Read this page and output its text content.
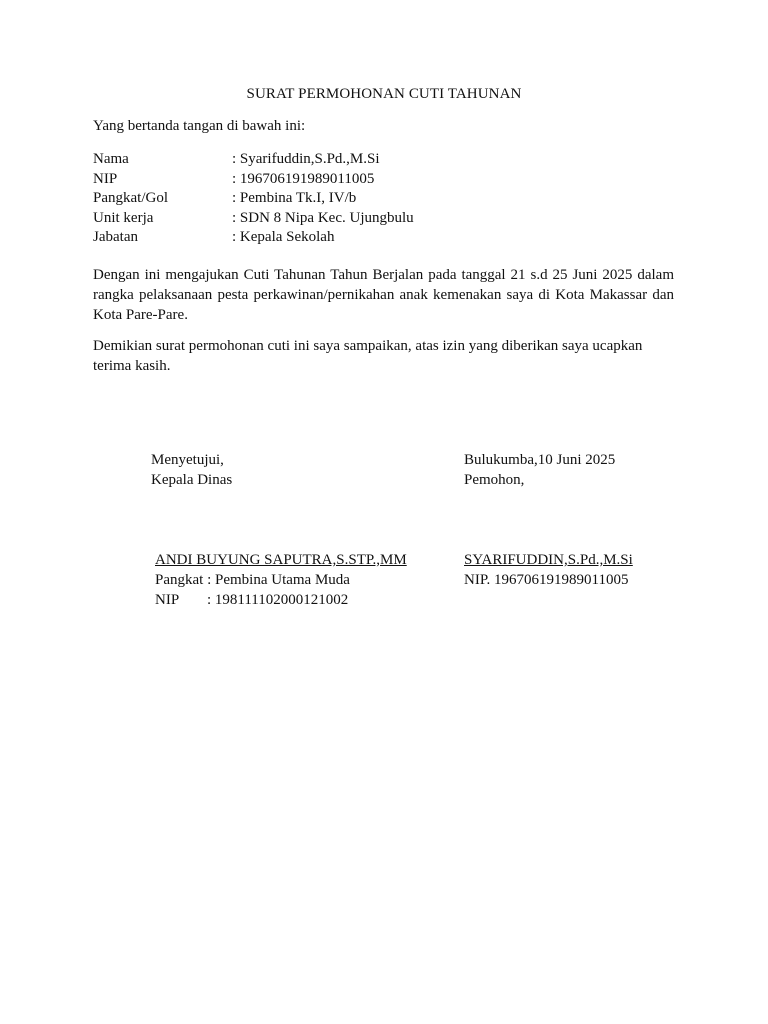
SURAT PERMOHONAN CUTI TAHUNAN
Yang bertanda tangan di bawah ini:
Nama	: Syarifuddin,S.Pd.,M.Si
NIP	: 196706191989011005
Pangkat/Gol	: Pembina Tk.I, IV/b
Unit kerja	: SDN 8 Nipa Kec. Ujungbulu
Jabatan	: Kepala Sekolah
Dengan ini mengajukan Cuti Tahunan Tahun Berjalan pada tanggal 21 s.d 25 Juni 2025 dalam rangka pelaksanaan pesta perkawinan/pernikahan anak kemenakan saya di Kota Makassar dan Kota Pare-Pare.
Demikian surat permohonan cuti ini saya sampaikan, atas izin yang diberikan saya ucapkan terima kasih.
Menyetujui,
Kepala Dinas
Bulukumba,10 Juni 2025
Pemohon,
ANDI BUYUNG SAPUTRA,S.STP.,MM
Pangkat : Pembina Utama Muda
NIP	: 198111102000121002
SYARIFUDDIN,S.Pd.,M.Si
NIP. 196706191989011005
